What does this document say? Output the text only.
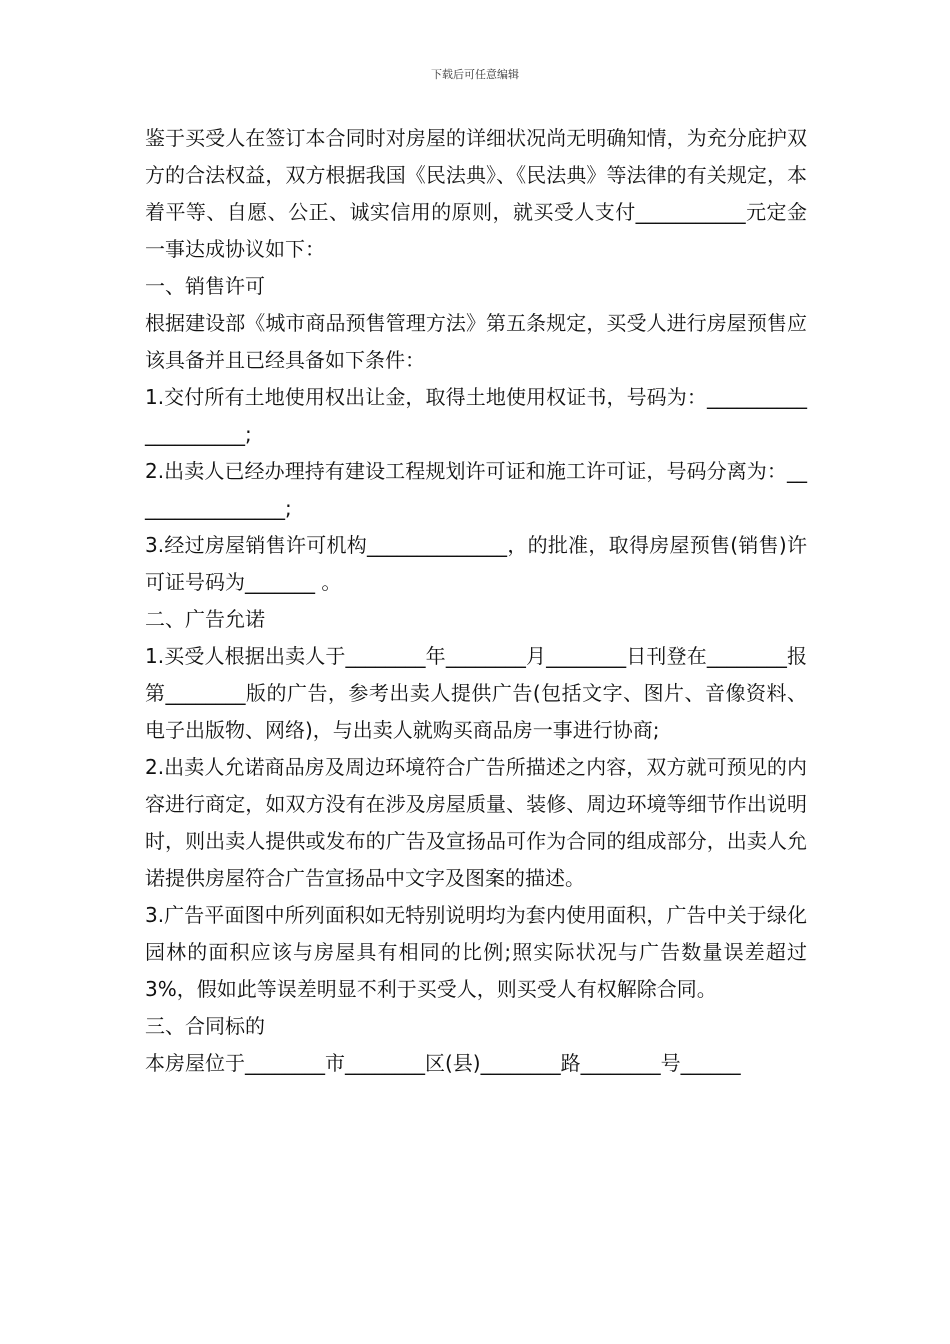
下载后可任意编辑

鉴于买受人在签订本合同时对房屋的详细状况尚无明确知情，为充分庇护双方的合法权益，双方根据我国《民法典》、《民法典》等法律的有关规定，本着平等、自愿、公正、诚实信用的原则，就买受人支付___________元定金一事达成协议如下：

一、销售许可

根据建设部《城市商品预售管理方法》第五条规定，买受人进行房屋预售应该具备并且已经具备如下条件：

1.交付所有土地使用权出让金，取得土地使用权证书，号码为：____________________;

2.出卖人已经办理持有建设工程规划许可证和施工许可证，号码分离为：________________;

3.经过房屋销售许可机构______________，的批准，取得房屋预售(销售)许可证号码为_______ 。

二、广告允诺

1.买受人根据出卖人于________年________月________日刊登在________报第________版的广告，参考出卖人提供广告(包括文字、图片、音像资料、电子出版物、网络)，与出卖人就购买商品房一事进行协商;

2.出卖人允诺商品房及周边环境符合广告所描述之内容，双方就可预见的内容进行商定，如双方没有在涉及房屋质量、装修、周边环境等细节作出说明时，则出卖人提供或发布的广告及宣扬品可作为合同的组成部分，出卖人允诺提供房屋符合广告宣扬品中文字及图案的描述。

3.广告平面图中所列面积如无特别说明均为套内使用面积，广告中关于绿化园林的面积应该与房屋具有相同的比例;照实际状况与广告数量误差超过 3%，假如此等误差明显不利于买受人，则买受人有权解除合同。

三、合同标的

本房屋位于________市________区(县)________路________号______
